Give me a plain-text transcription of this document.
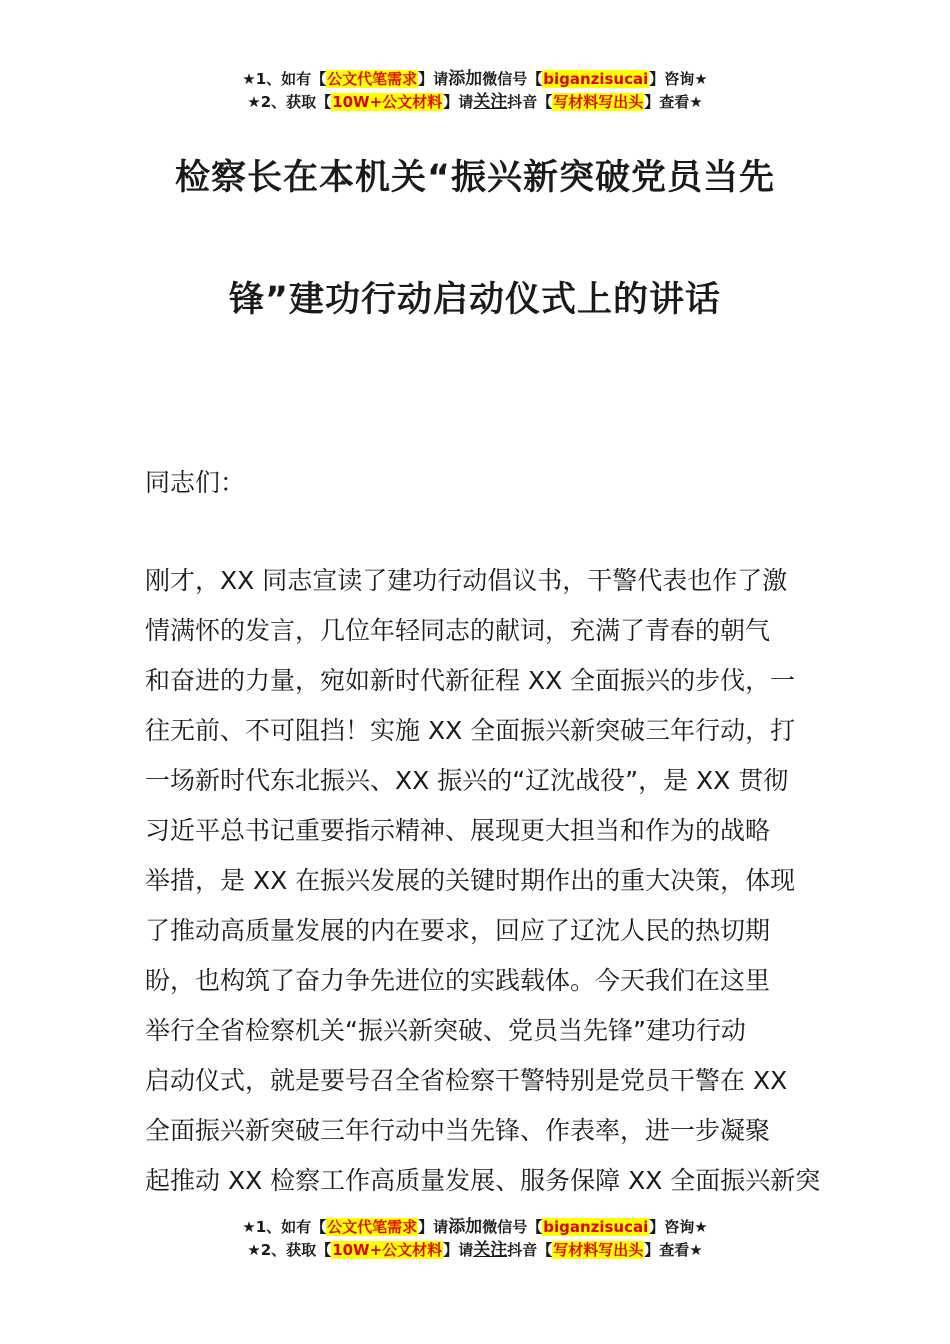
★1、如有【公文代笔需求】请添加微信号【biganzisucai】咨询★
★2、获取【10W+公文材料】请关注抖音【写材料写出头】查看★
检察长在本机关“振兴新突破党员当先
锋”建功行动启动仪式上的讲话
同志们：
刚才，XX 同志宣读了建功行动倡议书，干警代表也作了激
情满怀的发言，几位年轻同志的献词，充满了青春的朝气
和奋进的力量，宛如新时代新征程 XX 全面振兴的步伐，一
往无前、不可阻挡！实施 XX 全面振兴新突破三年行动，打
一场新时代东北振兴、XX 振兴的“辽沈战役”，是 XX 贯彻
习近平总书记重要指示精神、展现更大担当和作为的战略
举措，是 XX 在振兴发展的关键时期作出的重大决策，体现
了推动高质量发展的内在要求，回应了辽沈人民的热切期
盼，也构筑了奋力争先进位的实践载体。今天我们在这里
举行全省检察机关“振兴新突破、党员当先锋”建功行动
启动仪式，就是要号召全省检察干警特别是党员干警在 XX
全面振兴新突破三年行动中当先锋、作表率，进一步凝聚
起推动 XX 检察工作高质量发展、服务保障 XX 全面振兴新突
★1、如有【公文代笔需求】请添加微信号【biganzisucai】咨询★
★2、获取【10W+公文材料】请关注抖音【写材料写出头】查看★
